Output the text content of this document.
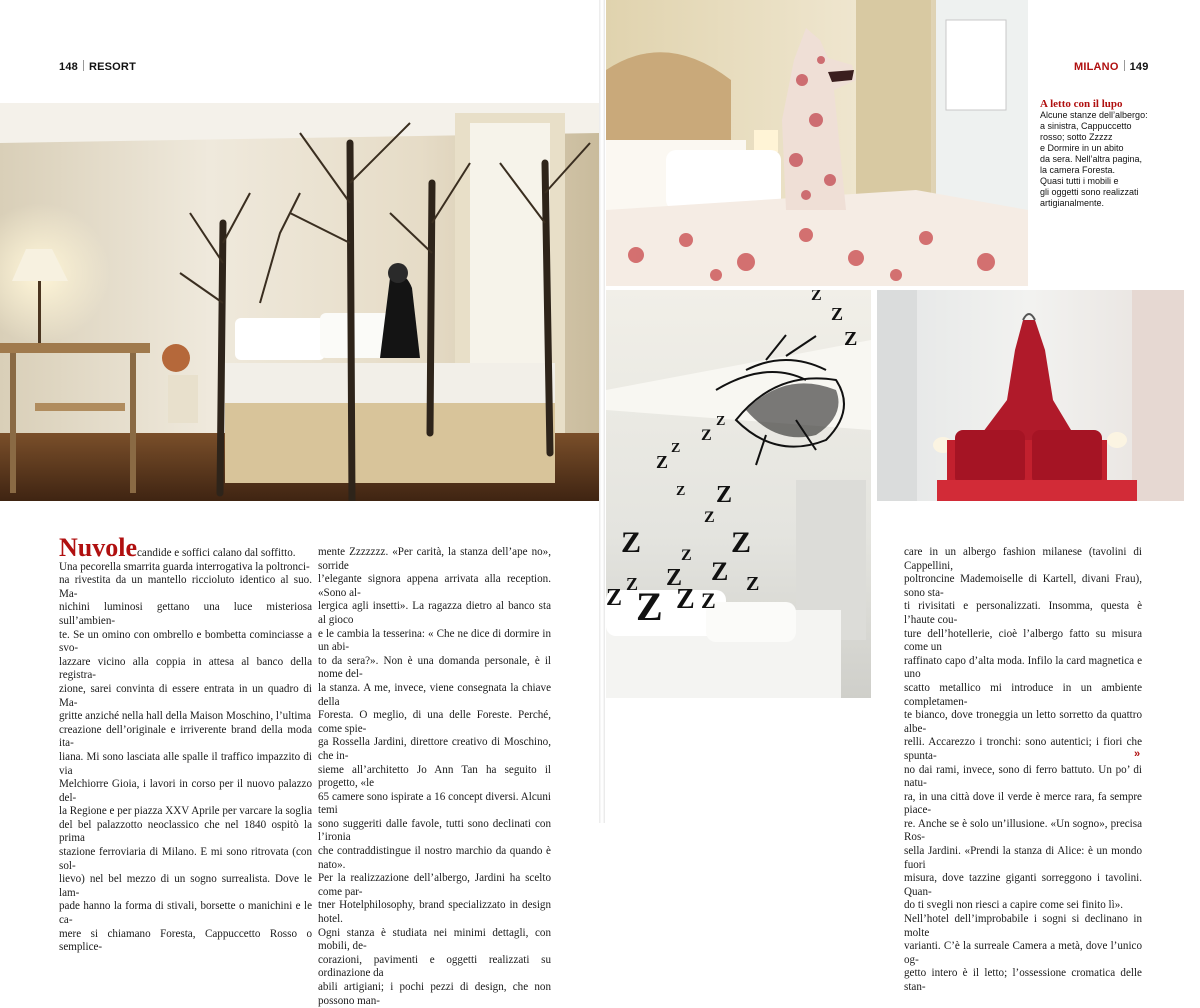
148 RESORT	MILANO 149
A letto con il lupo
Alcune stanze dell’albergo:
a sinistra, Cappuccetto
rosso; sotto Zzzzz
e Dormire in un abito
da sera. Nell’altra pagina,
la camera Foresta.
Quasi tutti i mobili e
gli oggetti sono realizzati
artigianalmente.
Z
Z
Z
Z
Z
Z
Z
Z Z
Z
Z	Z
Z
Z
Z
Z
Z Z Z Z
Z

Nuvolecandide e soffici calano dal soffitto.

Una pecorella smarrita guarda interrogativa la poltronci-

na rivestita da un mantello riccioluto identico al suo. Ma-

nichini luminosi gettano una luce misteriosa sull’ambien-

te. Se un omino con ombrello e bombetta cominciasse a svo-

lazzare vicino alla coppia in attesa al banco della registra-

zione, sarei convinta di essere entrata in un quadro di Ma-

gritte anziché nella hall della Maison Moschino, l’ultima

creazione dell’originale e irriverente brand della moda ita-

liana. Mi sono lasciata alle spalle il traffico impazzito di via

Melchiorre Gioia, i lavori in corso per il nuovo palazzo del-

la Regione e per piazza XXV Aprile per varcare la soglia

del bel palazzotto neoclassico che nel 1840 ospitò la prima

stazione ferroviaria di Milano. E mi sono ritrovata (con sol-

lievo) nel bel mezzo di un sogno surrealista. Dove le lam-

pade hanno la forma di stivali, borsette o manichini e le ca-

mere si chiamano Foresta, Cappuccetto Rosso o semplice-

mente Zzzzzzz. «Per carità, la stanza dell’ape no», sorride

l’elegante signora appena arrivata alla reception. «Sono al-

lergica agli insetti». La ragazza dietro al banco sta al gioco

e le cambia la tesserina: « Che ne dice di dormire in un abi-

to da sera?». Non è una domanda personale, è il nome del-

la stanza. A me, invece, viene consegnata la chiave della

Foresta. O meglio, di una delle Foreste. Perché, come spie-

ga Rossella Jardini, direttore creativo di Moschino, che in-

sieme all’architetto Jo Ann Tan ha seguito il progetto, «le

65 camere sono ispirate a 16 concept diversi. Alcuni temi

sono suggeriti dalle favole, tutti sono declinati con l’ironia

che contraddistingue il nostro marchio da quando è nato».

Per la realizzazione dell’albergo, Jardini ha scelto come par-

tner Hotelphilosophy, brand specializzato in design hotel.

Ogni stanza è studiata nei minimi dettagli, con mobili, de-

corazioni, pavimenti e oggetti realizzati su ordinazione da

abili artigiani; i pochi pezzi di design, che non possono man-

care in un albergo fashion milanese (tavolini di Cappellini,

poltroncine Mademoiselle di Kartell, divani Frau), sono sta-

ti rivisitati e personalizzati. Insomma, questa è l’haute cou-

ture dell’hotellerie, cioè l’albergo fatto su misura come un

raffinato capo d’alta moda. Infilo la card magnetica e uno

scatto metallico mi introduce in un ambiente completamen-

te bianco, dove troneggia un letto sorretto da quattro albe-

relli. Accarezzo i tronchi: sono autentici; i fiori che spunta-

no dai rami, invece, sono di ferro battuto. Un po’ di natu-

ra, in una città dove il verde è merce rara, fa sempre piace-

re. Anche se è solo un’illusione. «Un sogno», precisa Ros-

sella Jardini. «Prendi la stanza di Alice: è un mondo fuori

misura, dove tazzine giganti sorreggono i tavolini. Quan-

do ti svegli non riesci a capire come sei finito lì».

Nell’hotel dell’improbabile i sogni si declinano in molte

varianti. C’è la surreale Camera a metà, dove l’unico og-

getto intero è il letto; l’ossessione cromatica delle stan-

»
